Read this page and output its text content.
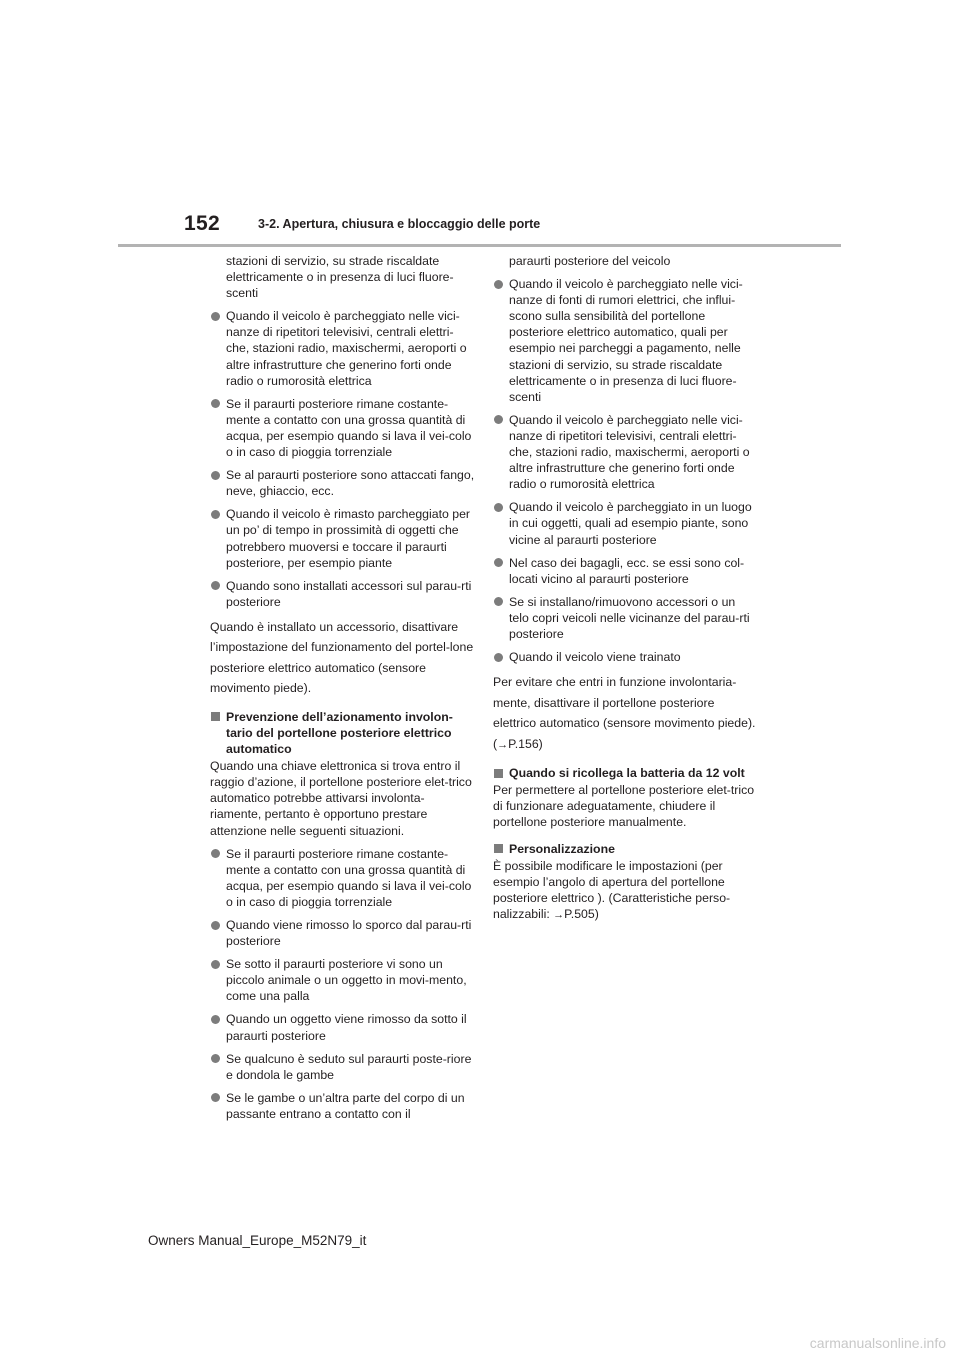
152	3-2. Apertura, chiusura e bloccaggio delle porte
stazioni di servizio, su strade riscaldate elettricamente o in presenza di luci fluore-scenti
Quando il veicolo è parcheggiato nelle vici-nanze di ripetitori televisivi, centrali elettri-che, stazioni radio, maxischermi, aeroporti o altre infrastrutture che generino forti onde radio o rumorosità elettrica
Se il paraurti posteriore rimane costante-mente a contatto con una grossa quantità di acqua, per esempio quando si lava il vei-colo o in caso di pioggia torrenziale
Se al paraurti posteriore sono attaccati fango, neve, ghiaccio, ecc.
Quando il veicolo è rimasto parcheggiato per un po’ di tempo in prossimità di oggetti che potrebbero muoversi e toccare il paraurti posteriore, per esempio piante
Quando sono installati accessori sul parau-rti posteriore
Quando è installato un accessorio, disattivare l’impostazione del funzionamento del portel-lone posteriore elettrico automatico (sensore movimento piede).
Prevenzione dell’azionamento involon-tario del portellone posteriore elettrico automatico
Quando una chiave elettronica si trova entro il raggio d’azione, il portellone posteriore elet-trico automatico potrebbe attivarsi involonta-riamente, pertanto è opportuno prestare attenzione nelle seguenti situazioni.
Se il paraurti posteriore rimane costante-mente a contatto con una grossa quantità di acqua, per esempio quando si lava il vei-colo o in caso di pioggia torrenziale
Quando viene rimosso lo sporco dal parau-rti posteriore
Se sotto il paraurti posteriore vi sono un piccolo animale o un oggetto in movi-mento, come una palla
Quando un oggetto viene rimosso da sotto il paraurti posteriore
Se qualcuno è seduto sul paraurti poste-riore e dondola le gambe
Se le gambe o un’altra parte del corpo di un passante entrano a contatto con il
paraurti posteriore del veicolo
Quando il veicolo è parcheggiato nelle vici-nanze di fonti di rumori elettrici, che influi-scono sulla sensibilità del portellone posteriore elettrico automatico, quali per esempio nei parcheggi a pagamento, nelle stazioni di servizio, su strade riscaldate elettricamente o in presenza di luci fluore-scenti
Quando il veicolo è parcheggiato nelle vici-nanze di ripetitori televisivi, centrali elettri-che, stazioni radio, maxischermi, aeroporti o altre infrastrutture che generino forti onde radio o rumorosità elettrica
Quando il veicolo è parcheggiato in un luogo in cui oggetti, quali ad esempio piante, sono vicine al paraurti posteriore
Nel caso dei bagagli, ecc. se essi sono col-locati vicino al paraurti posteriore
Se si installano/rimuovono accessori o un telo copri veicoli nelle vicinanze del parau-rti posteriore
Quando il veicolo viene trainato
Per evitare che entri in funzione involontaria-mente, disattivare il portellone posteriore elettrico automatico (sensore movimento piede). (→P.156)
Quando si ricollega la batteria da 12 volt
Per permettere al portellone posteriore elet-trico di funzionare adeguatamente, chiudere il portellone posteriore manualmente.
Personalizzazione
È possibile modificare le impostazioni (per esempio l’angolo di apertura del portellone posteriore elettrico ). (Caratteristiche perso-nalizzabili: →P.505)
Owners Manual_Europe_M52N79_it
carmanualsonline.info
